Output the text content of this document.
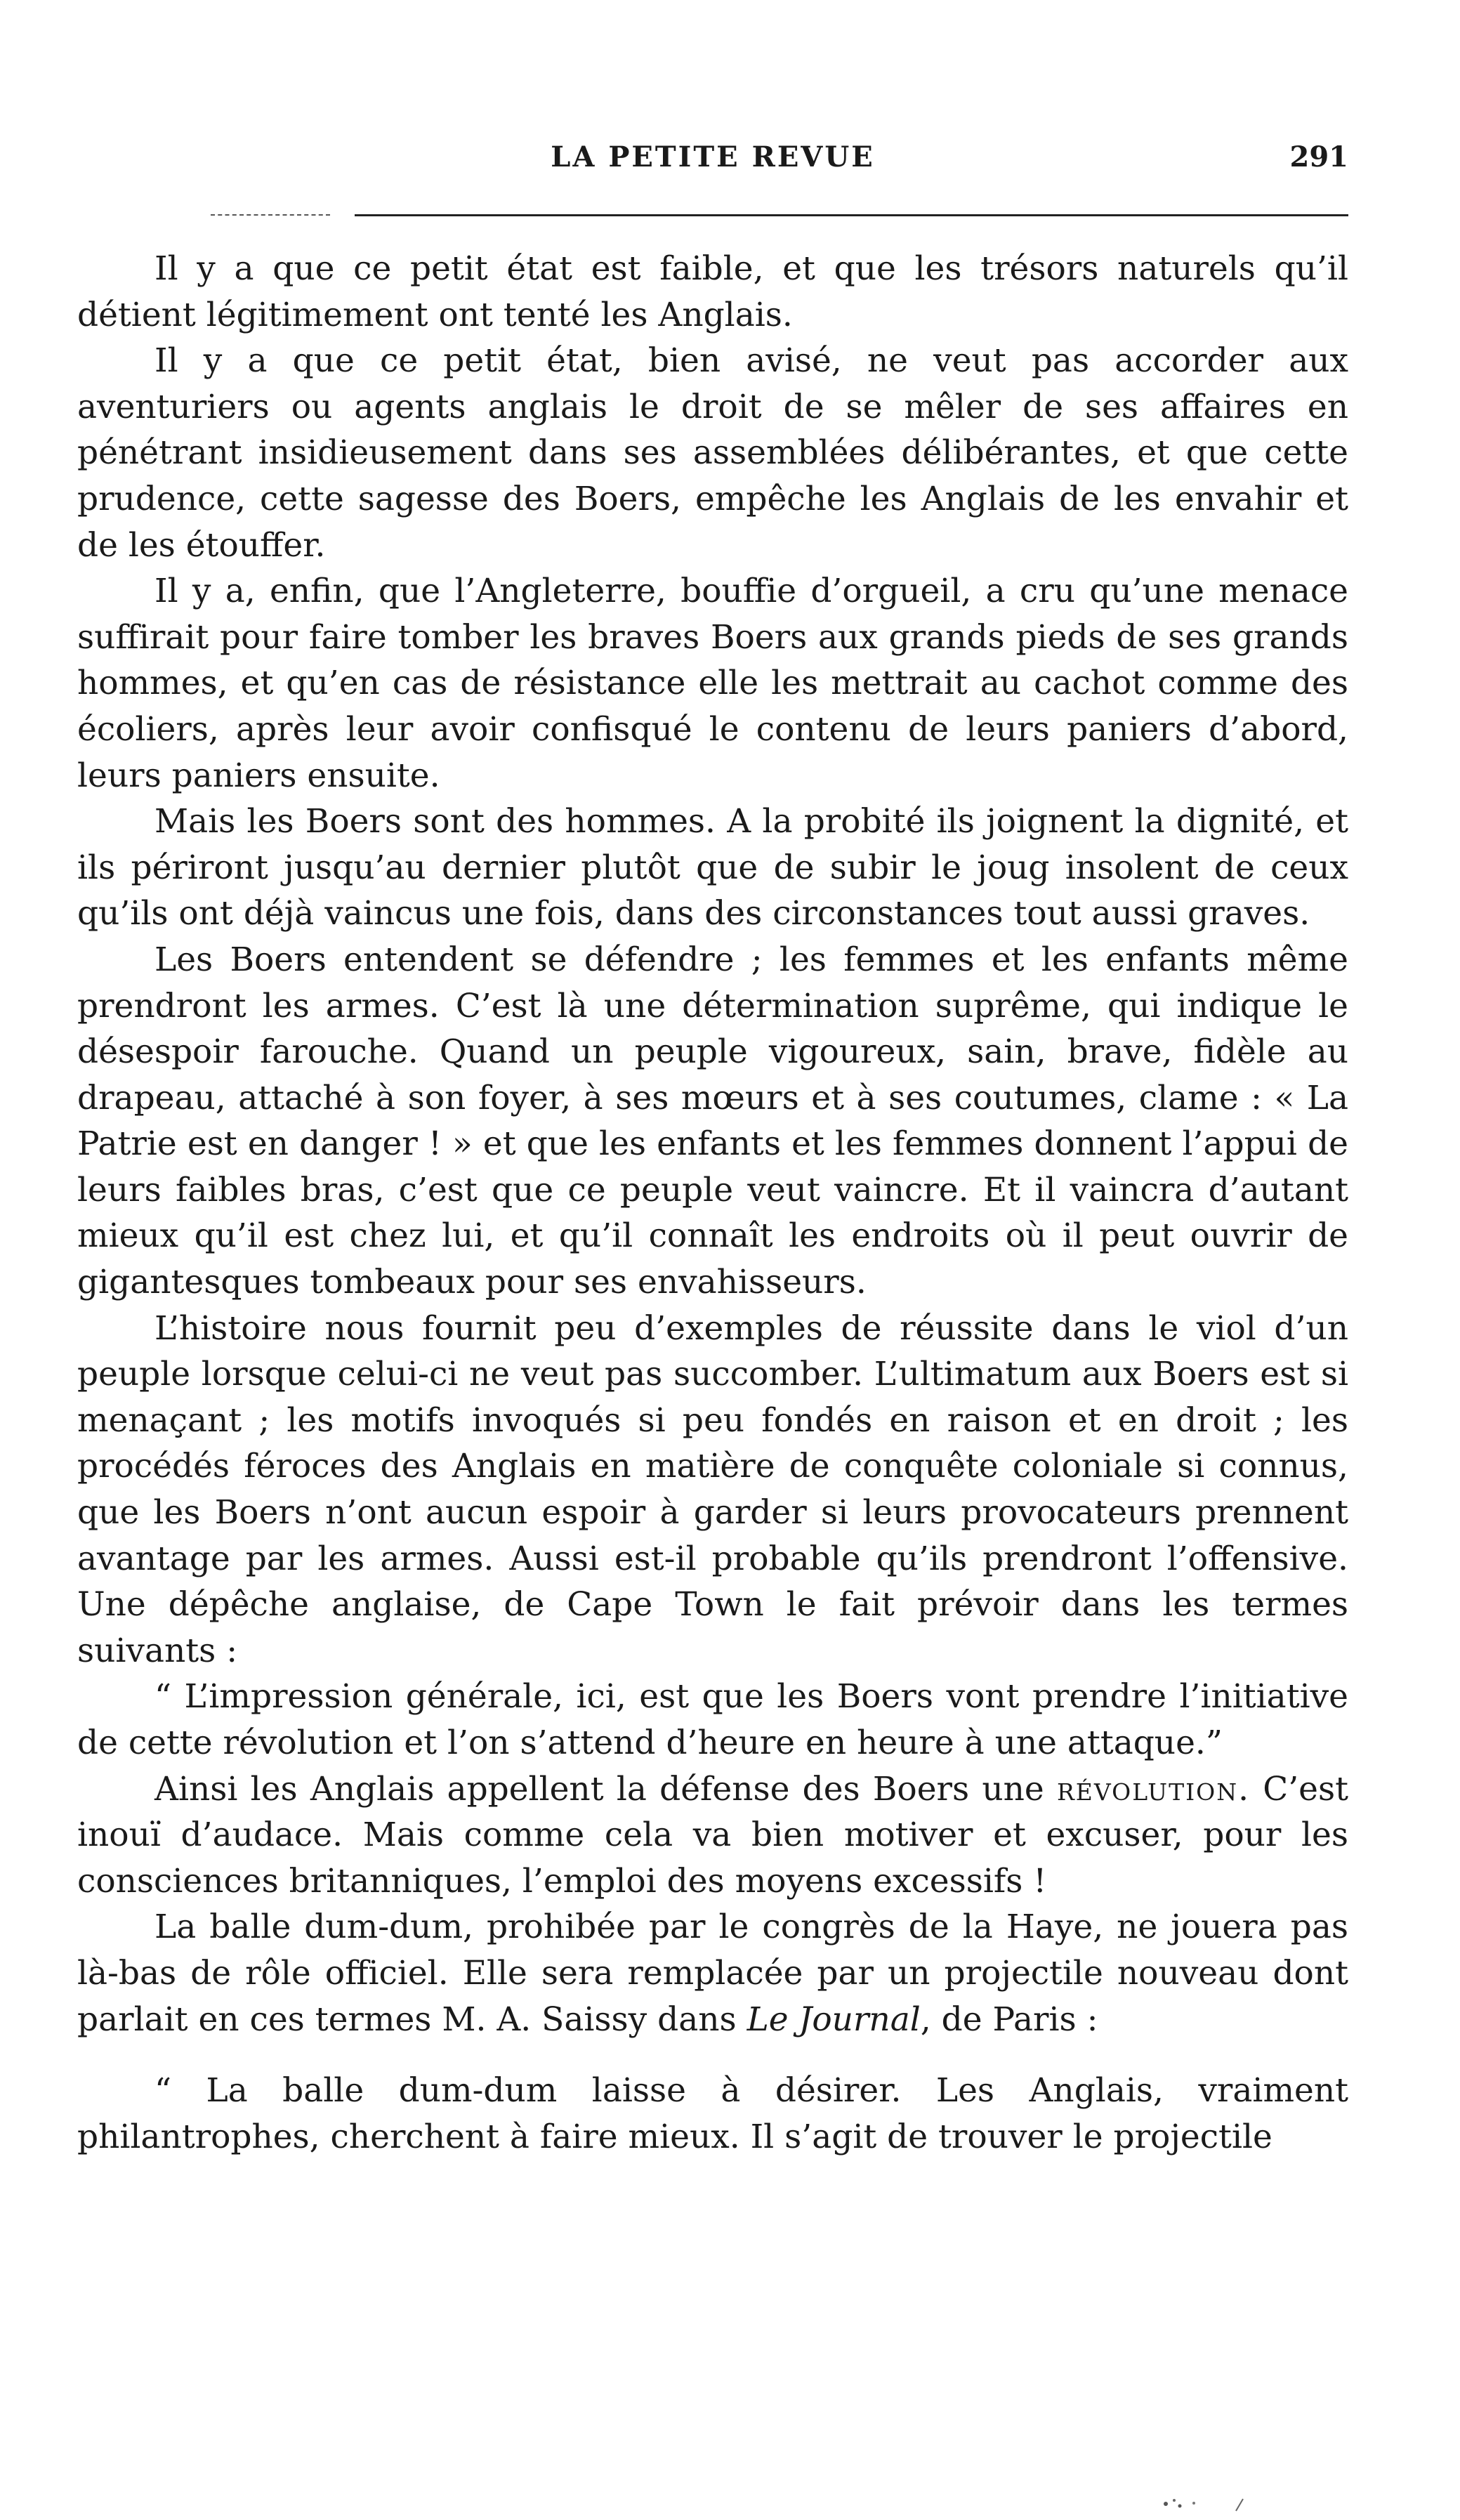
LA PETITE REVUE	291

Il y a que ce petit état est faible, et que les trésors naturels qu’il détient légitimement ont tenté les Anglais.

Il y a que ce petit état, bien avisé, ne veut pas accorder aux aventuriers ou agents anglais le droit de se mêler de ses affaires en pénétrant insidieusement dans ses assemblées délibérantes, et que cette prudence, cette sagesse des Boers, empêche les Anglais de les envahir et de les étouffer.

Il y a, enfin, que l’Angleterre, bouffie d’orgueil, a cru qu’une menace suffirait pour faire tomber les braves Boers aux grands pieds de ses grands hommes, et qu’en cas de résistance elle les mettrait au cachot comme des écoliers, après leur avoir confisqué le contenu de leurs paniers d’abord, leurs paniers ensuite.

Mais les Boers sont des hommes. A la probité ils joignent la dignité, et ils périront jusqu’au dernier plutôt que de subir le joug insolent de ceux qu’ils ont déjà vaincus une fois, dans des circonstances tout aussi graves.

Les Boers entendent se défendre ; les femmes et les enfants même prendront les armes. C’est là une détermination suprême, qui indique le désespoir farouche. Quand un peuple vigoureux, sain, brave, fidèle au drapeau, attaché à son foyer, à ses mœurs et à ses coutumes, clame : « La Patrie est en danger ! » et que les enfants et les femmes donnent l’appui de leurs faibles bras, c’est que ce peuple veut vaincre. Et il vaincra d’autant mieux qu’il est chez lui, et qu’il connaît les endroits où il peut ouvrir de gigantesques tombeaux pour ses envahisseurs.

L’histoire nous fournit peu d’exemples de réussite dans le viol d’un peuple lorsque celui-ci ne veut pas succomber. L’ultimatum aux Boers est si menaçant ; les motifs invoqués si peu fondés en raison et en droit ; les procédés féroces des Anglais en matière de conquête coloniale si connus, que les Boers n’ont aucun espoir à garder si leurs provocateurs prennent avantage par les armes. Aussi est-il probable qu’ils prendront l’offensive. Une dépêche anglaise, de Cape Town le fait prévoir dans les termes suivants :

“ L’impression générale, ici, est que les Boers vont prendre l’initiative de cette révolution et l’on s’attend d’heure en heure à une attaque.”

Ainsi les Anglais appellent la défense des Boers une révolution. C’est inouï d’audace. Mais comme cela va bien motiver et excuser, pour les consciences britanniques, l’emploi des moyens excessifs !

La balle dum-dum, prohibée par le congrès de la Haye, ne jouera pas là-bas de rôle officiel. Elle sera remplacée par un projectile nouveau dont parlait en ces termes M. A. Saissy dans Le Journal, de Paris :

“ La balle dum-dum laisse à désirer. Les Anglais, vraiment philantrophes, cherchent à faire mieux. Il s’agit de trouver le projectile
